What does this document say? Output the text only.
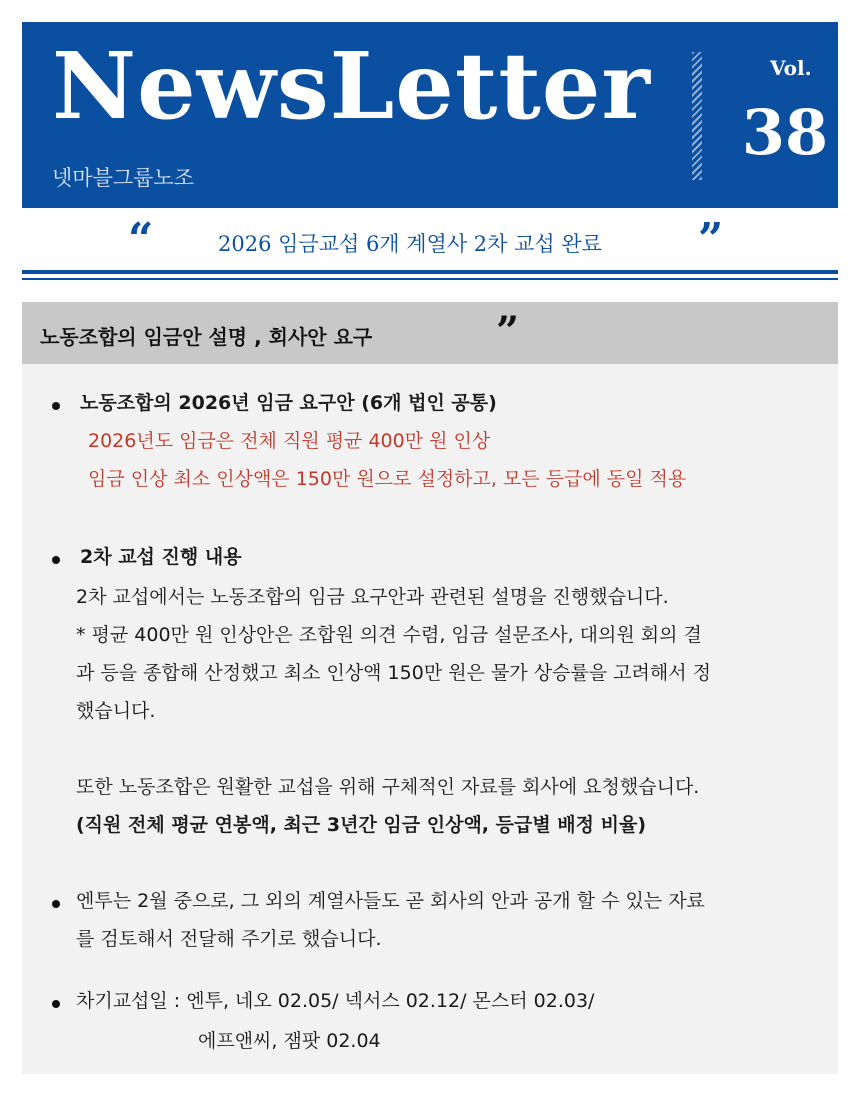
NewsLetter
넷마블그룹노조
Vol.
38
“	2026 임금교섭 6개 계열사 2차 교섭 완료 ”
노동조합의 임금안 설명 , 회사안 요구	”
노동조합의 2026년 임금 요구안 (6개 법인 공통)
2026년도 임금은 전체 직원 평균 400만 원 인상
임금 인상 최소 인상액은 150만 원으로 설정하고, 모든 등급에 동일 적용
2차 교섭 진행 내용
2차 교섭에서는 노동조합의 임금 요구안과 관련된 설명을 진행했습니다.
* 평균 400만 원 인상안은 조합원 의견 수렴, 임금 설문조사, 대의원 회의 결
과 등을 종합해 산정했고 최소 인상액 150만 원은 물가 상승률을 고려해서 정
했습니다.
또한 노동조합은 원활한 교섭을 위해 구체적인 자료를 회사에 요청했습니다.
(직원 전체 평균 연봉액, 최근 3년간 임금 인상액, 등급별 배정 비율)
엔투는 2월 중으로, 그 외의 계열사들도 곧 회사의 안과 공개 할 수 있는 자료
를 검토해서 전달해 주기로 했습니다.
차기교섭일 : 엔투, 네오 02.05/ 넥서스 02.12/ 몬스터 02.03/
에프앤씨, 잼팟 02.04
